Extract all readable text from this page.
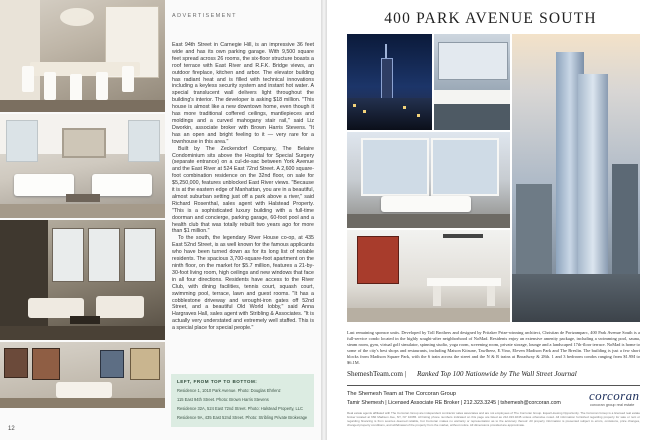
ADVERTISEMENT

East 94th Street in Carnegie Hill, is an impressive 36 feet wide and has its own parking garage. With 9,500 square feet spread across 26 rooms, the six-floor structure boasts a roof terrace with East River and R.F.K. Bridge views, an outdoor fireplace, kitchen and arbor. The elevator building has radiant heat and is filled with technical innovations including a keyless security system and instant hot water. A special translucent wall delivers light throughout the building's interior. The developer is asking $18 million. "This house is almost like a new downtown home, even though it has more traditional coffered ceilings, mantlepieces and moldings and a curved mahogany stair rail," said Liz Dworkin, associate broker with Brown Harris Stevens. "It has an open and bright feeling to it — very rare for a townhouse in this area."

Built by The Zeckendorf Company, The Belaire Condominium sits above the Hospital for Special Surgery (separate entrance) on a cul-de-sac between York Avenue and the East River at 524 East 72nd Street. A 2,600 square-foot combination residence on the 32nd floor, on sale for $5,250,000, features unblocked East River views. "Because it is at the eastern edge of Manhattan, you are in a beautiful, almost suburban setting just off a park above a river," said Richard Rosenthal, sales agent with Halstead Property. "This is a sophisticated luxury building with a full-time doorman and concierge, parking garage, 60-foot pool and a health club that was totally rebuilt two years ago for more than $1 million."

To the south, the legendary River House co-op, at 435 East 52nd Street, is as well known for the famous applicants who have been turned down as for its long list of notable residents. The spacious 3,700-square-foot apartment on the ninth floor, on the market for $5.7 million, features a 21-by-30-foot living room, high ceilings and new windows that face in all four directions. Residents have access to the River Club, with dining facilities, tennis court, squash court, swimming pool, terrace, lawn and guest rooms. "It has a cobblestone driveway and wrought-iron gates off 52nd Street, and a beautiful Old World lobby," said Anna Hargraves Hall, sales agent with Stribling & Associates. "It is actually very understated and extremely well staffed. This is a special place for special people."

LEFT, FROM TOP TO BOTTOM:
Residence 1, 1010 Park Avenue. Photo: Douglas Ehrlenz
115 East 94th Street. Photo: Brown Harris Stevens
Residence 32A, 524 East 72nd Street. Photo: Halstead Property, LLC
Residence 9A, 435 East 52nd Street. Photo: Stribling Private Brokerage
12
400 PARK AVENUE SOUTH
Last remaining sponsor units. Developed by Toll Brothers and designed by Pritzker Prize-winning architect, Christian de Portzamparc, 400 Park Avenue South is a full-service condo located in the highly sought-after neighborhood of NoMad. Residents enjoy an extensive amenity package, including a swimming pool, sauna, steam room, gym, virtual golf simulator, spinning studio, yoga room, screening room, private storage, lounge and a landscaped 17th-floor terrace. NoMad is home to some of the city's best shops and restaurants, including Maison Kitsune, Tawlbeez, E.Vino, Eleven Madison Park and The Breslin. The building is just a few short blocks from Madison Square Park, with the 6 train across the street and the N & R trains at Broadway & 28th. 1 and 3 bedroom condos ranging from $1.9M to $6.1M.
ShemeshTeam.com | Ranked Top 100 Nationwide by The Wall Street Journal
The Shemesh Team at The Corcoran Group
Tamir Shemesh | Licensed Associate RE Broker | 212.323.3245 | tshemesh@corcoran.com corcoran
corcoran group real estate
Real estate agents affiliated with The Corcoran Group are independent contractor sales associates and are not employees of The Corcoran Group. Equal Housing Opportunity. The Corcoran Group is a licensed real estate broker located at 660 Madison Ave, NY, NY 10065. All listing phone numbers indicated on this page are listed as 212.323.3245 unless otherwise noted. All information furnished regarding property for sale or rent or regarding financing is from sources deemed reliable, but Corcoran makes no warranty or representation as to the accuracy thereof. All property information is presented subject to errors, omissions, price changes, changed property conditions, and withdrawal of the property from the market, without notice. All dimensions provided are approximate.
